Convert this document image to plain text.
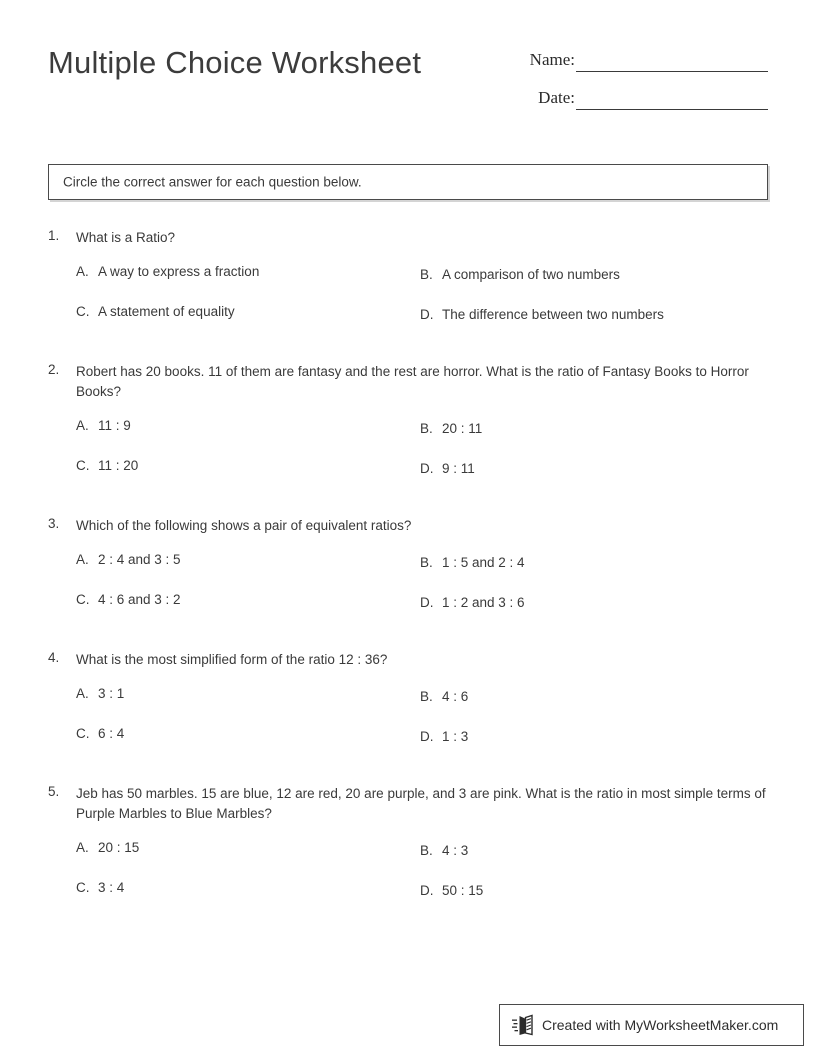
Multiple Choice Worksheet	Name:
Date:
Circle the correct answer for each question below.
1. What is a Ratio?
A. A way to express a fraction	B. A comparison of two numbers
C. A statement of equality	D. The difference between two numbers
2. Robert has 20 books. 11 of them are fantasy and the rest are horror. What is the ratio of Fantasy Books to Horror Books?
A. 11 : 9	B. 20 : 11
C. 11 : 20	D. 9 : 11
3. Which of the following shows a pair of equivalent ratios?
A. 2 : 4 and 3 : 5	B. 1 : 5 and 2 : 4
C. 4 : 6 and 3 : 2	D. 1 : 2 and 3 : 6
4. What is the most simplified form of the ratio 12 : 36?
A. 3 : 1	B. 4 : 6
C. 6 : 4	D. 1 : 3
5. Jeb has 50 marbles. 15 are blue, 12 are red, 20 are purple, and 3 are pink. What is the ratio in most simple terms of Purple Marbles to Blue Marbles?
A. 20 : 15	B. 4 : 3
C. 3 : 4	D. 50 : 15
Created with MyWorksheetMaker.com
